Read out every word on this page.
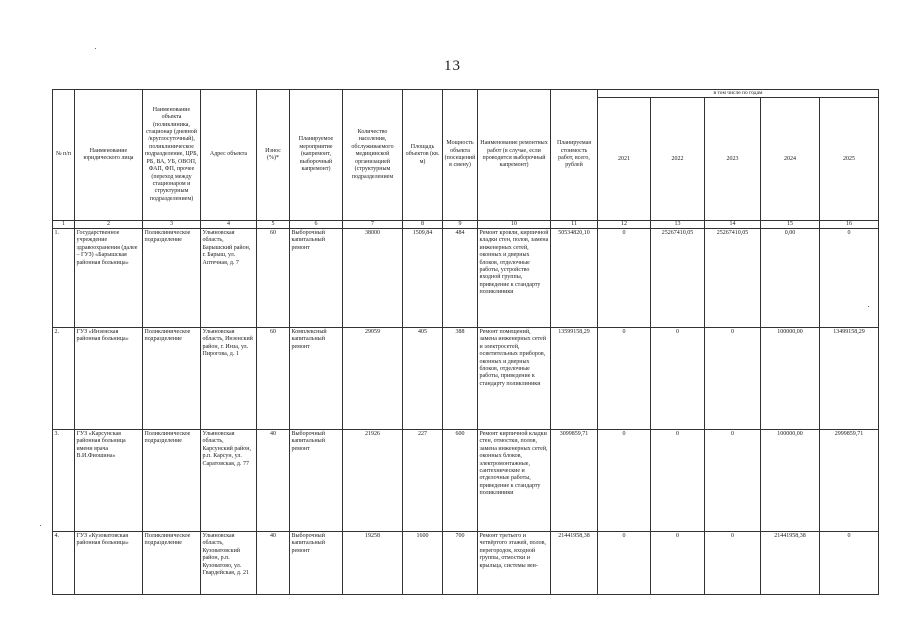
13
№ п/п	Наименование юридического лица	Наименование объекта (поликлиника, стационар (дневной /круглосуточный), поликлиническое подразделение, ЦРБ, РБ, ВА, УБ, ОВОП, ФАП, ФП, прочее (переход между стационаром и структурным подразделением)	Адрес объекта	Износ (%)*	Планируемое мероприятие (капремонт, выборочный капремонт)	Количество населения, обслуживаемого медицинской организацией (структурным подразделением	Площадь объектов (кв. м)	Мощность объекта (посещений в смену)	Наименование ремонтных работ (в случае, если проводится выборочный капремонт)	Планируемая стоимость работ, всего, рублей	в том числе по годам				
											2021	2022	2023	2024	2025
1	2	3	4	5	6	7	8	9	10	11	12	13	14	15	16
1.	Государственное учреждение здравоохранения (далее – ГУЗ) «Барышская районная больница»	Поликлиническое подразделение	Ульяновская область, Барышский район, г. Барыш, ул. Аптечная, д. 7	60	Выборочный капитальный ремонт	38000	1509,84	484	Ремонт кровли, кирпичной кладки стен, полов, замена инженерных сетей, оконных и дверных блоков, отделочные работы, устройство входной группы, приведение к стандарту поликлиники	50534820,10	0	25267410,05	25267410,05	0,00	0
2.	ГУЗ «Инзенская районная больница»	Поликлиническое подразделение	Ульяновская область, Инзенский район, г. Инза, ул. Пирогова, д. 1	60	Комплексный капитальный ремонт	29059	405	388	Ремонт помещений, замена инженерных сетей и электросетей, осветительных приборов, оконных и дверных блоков, отделочные работы, приведение к стандарту поликлиники	13599158,29	0	0	0	100000,00	13499158,29
3.	ГУЗ «Карсунская районная больница имени врача В.И.Фиошина»	Поликлиническое подразделение	Ульяновская область, Карсунский район, р.п. Карсун, ул. Саратовская, д. 77	40	Выборочный капитальный ремонт	21926	227	600	Ремонт кирпичной кладки стен, отмостки, полов, замена инженерных сетей, оконных блоков, электромонтажные, сантехнические и отделочные работы, приведение к стандарту поликлиники	3099859,71	0	0	0	100000,00	2999859,71
4.	ГУЗ «Кузоватовская районная больница»	Поликлиническое подразделение	Ульяновская область, Кузоватовский район, р.п. Кузоватово, ул. Гвардейская, д. 21	40	Выборочный капитальный ремонт	19258	1600	700	Ремонт третьего и четвёртого этажей, полов, перегородок, входной группы, отмостки и крыльца, системы вен-	21441958,38	0	0	0	21441958,38	0
